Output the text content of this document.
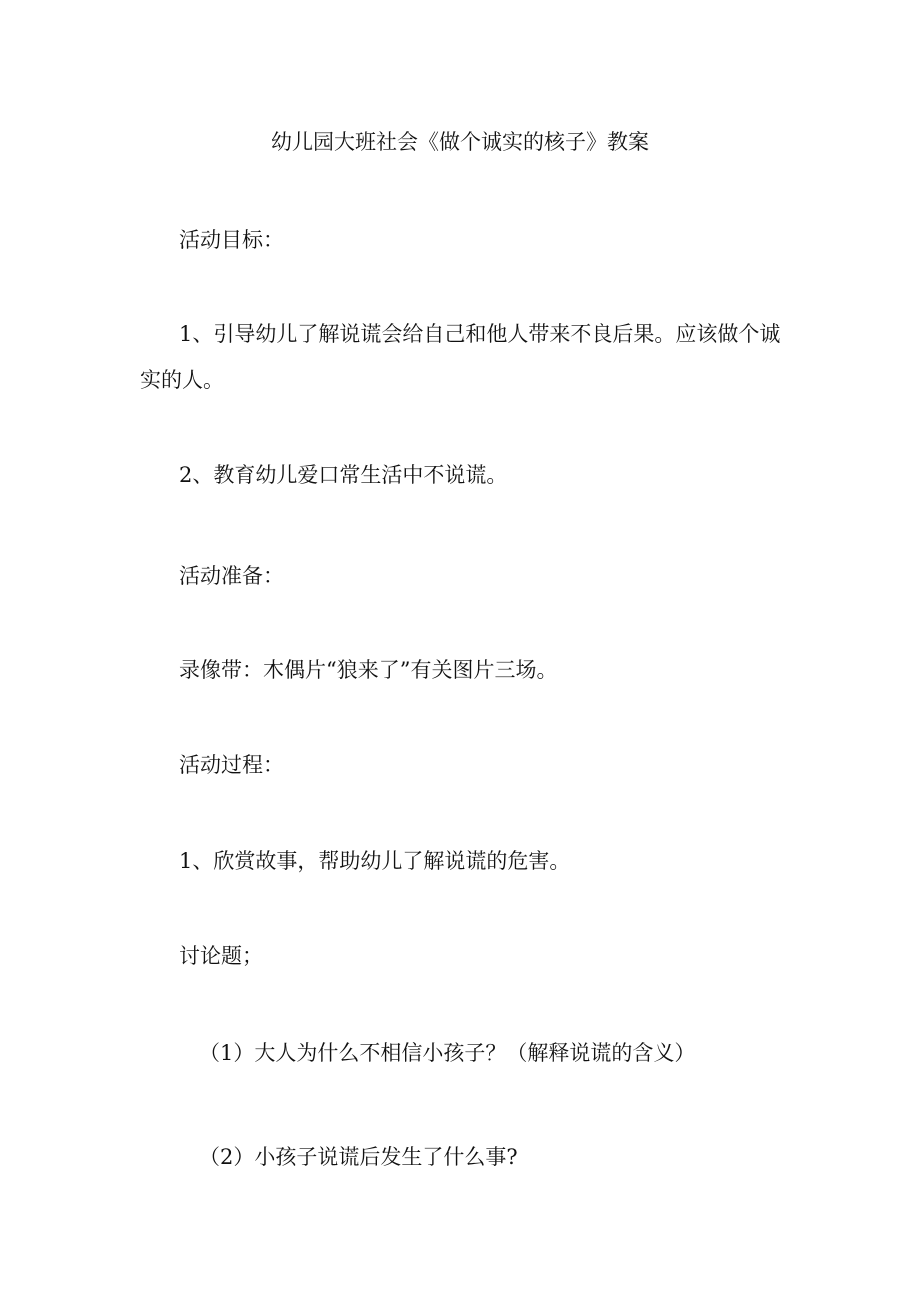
幼儿园大班社会《做个诚实的核子》教案

活动目标：

1、引导幼儿了解说谎会给自己和他人带来不良后果。应该做个诚实的人。

2、教育幼儿爱口常生活中不说谎。

活动准备：

录像带：木偶片“狼来了”有关图片三场。

活动过程：

1、欣赏故事，帮助幼儿了解说谎的危害。

讨论题；

（1）大人为什么不相信小孩子？（解释说谎的含义）

（2）小孩子说谎后发生了什么事?
